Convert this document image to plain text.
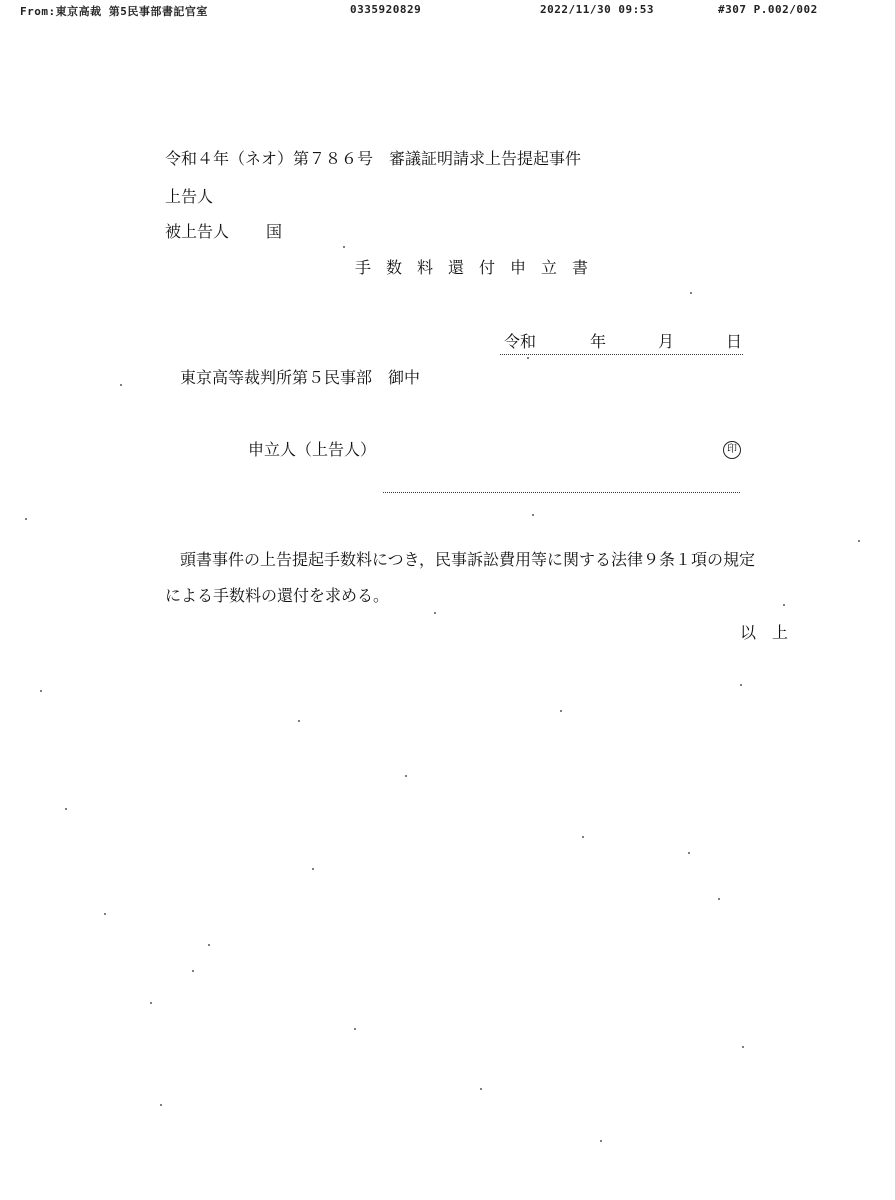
From:東京高裁 第5民事部書記官室	0335920829	2022/11/30 09:53	#307 P.002/002
令和４年（ネオ）第７８６号　審議証明請求上告提起事件
上告人
被上告人 国
手数料還付申立書
令和	年	月	日
東京高等裁判所第５民事部　御中
申立人（上告人）	印
頭書事件の上告提起手数料につき，民事訴訟費用等に関する法律９条１項の規定
による手数料の還付を求める。
以上
